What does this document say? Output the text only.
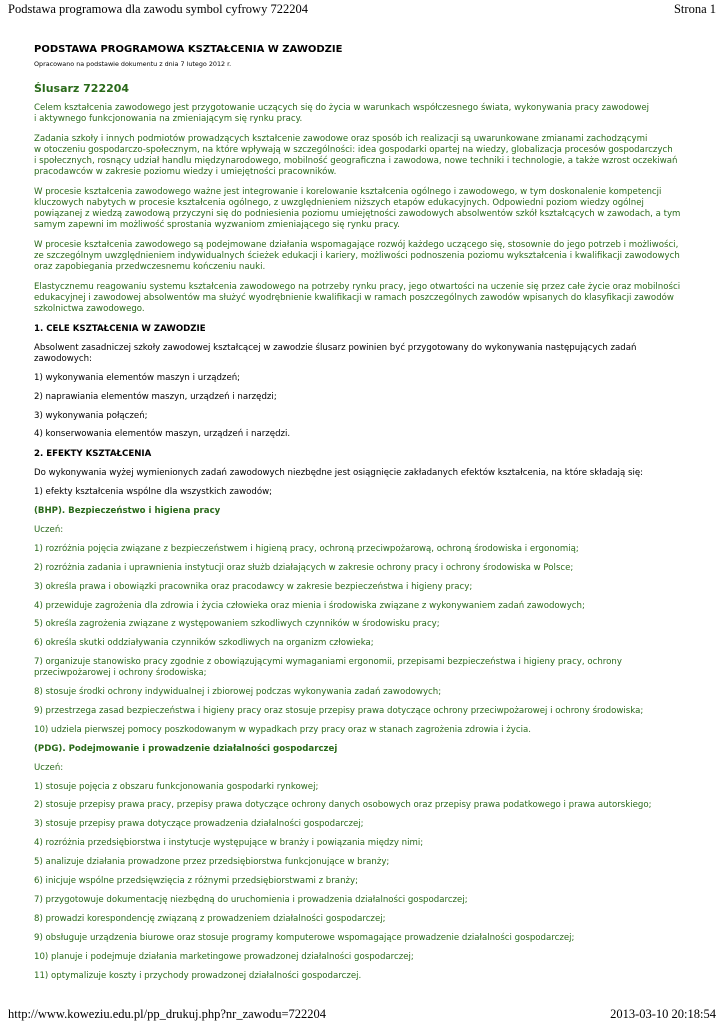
Podstawa programowa dla zawodu symbol cyfrowy 722204	Strona 1

PODSTAWA PROGRAMOWA KSZTAŁCENIA W ZAWODZIE

Opracowano na podstawie dokumentu z dnia 7 lutego 2012 r.

Ślusarz 722204

Celem kształcenia zawodowego jest przygotowanie uczących się do życia w warunkach współczesnego świata, wykonywania pracy zawodowej
i aktywnego funkcjonowania na zmieniającym się rynku pracy.

Zadania szkoły i innych podmiotów prowadzących kształcenie zawodowe oraz sposób ich realizacji są uwarunkowane zmianami zachodzącymi
w otoczeniu gospodarczo-społecznym, na które wpływają w szczególności: idea gospodarki opartej na wiedzy, globalizacja procesów gospodarczych
i społecznych, rosnący udział handlu międzynarodowego, mobilność geograficzna i zawodowa, nowe techniki i technologie, a także wzrost oczekiwań
pracodawców w zakresie poziomu wiedzy i umiejętności pracowników.

W procesie kształcenia zawodowego ważne jest integrowanie i korelowanie kształcenia ogólnego i zawodowego, w tym doskonalenie kompetencji
kluczowych nabytych w procesie kształcenia ogólnego, z uwzględnieniem niższych etapów edukacyjnych. Odpowiedni poziom wiedzy ogólnej
powiązanej z wiedzą zawodową przyczyni się do podniesienia poziomu umiejętności zawodowych absolwentów szkół kształcących w zawodach, a tym
samym zapewni im możliwość sprostania wyzwaniom zmieniającego się rynku pracy.

W procesie kształcenia zawodowego są podejmowane działania wspomagające rozwój każdego uczącego się, stosownie do jego potrzeb i możliwości,
ze szczególnym uwzględnieniem indywidualnych ścieżek edukacji i kariery, możliwości podnoszenia poziomu wykształcenia i kwalifikacji zawodowych
oraz zapobiegania przedwczesnemu kończeniu nauki.

Elastycznemu reagowaniu systemu kształcenia zawodowego na potrzeby rynku pracy, jego otwartości na uczenie się przez całe życie oraz mobilności
edukacyjnej i zawodowej absolwentów ma służyć wyodrębnienie kwalifikacji w ramach poszczególnych zawodów wpisanych do klasyfikacji zawodów
szkolnictwa zawodowego.

1. CELE KSZTAŁCENIA W ZAWODZIE

Absolwent zasadniczej szkoły zawodowej kształcącej w zawodzie ślusarz powinien być przygotowany do wykonywania następujących zadań
zawodowych:

1) wykonywania elementów maszyn i urządzeń;

2) naprawiania elementów maszyn, urządzeń i narzędzi;

3) wykonywania połączeń;

4) konserwowania elementów maszyn, urządzeń i narzędzi.

2. EFEKTY KSZTAŁCENIA

Do wykonywania wyżej wymienionych zadań zawodowych niezbędne jest osiągnięcie zakładanych efektów kształcenia, na które składają się:

1) efekty kształcenia wspólne dla wszystkich zawodów;

(BHP). Bezpieczeństwo i higiena pracy

Uczeń:

1) rozróżnia pojęcia związane z bezpieczeństwem i higieną pracy, ochroną przeciwpożarową, ochroną środowiska i ergonomią;

2) rozróżnia zadania i uprawnienia instytucji oraz służb działających w zakresie ochrony pracy i ochrony środowiska w Polsce;

3) określa prawa i obowiązki pracownika oraz pracodawcy w zakresie bezpieczeństwa i higieny pracy;

4) przewiduje zagrożenia dla zdrowia i życia człowieka oraz mienia i środowiska związane z wykonywaniem zadań zawodowych;

5) określa zagrożenia związane z występowaniem szkodliwych czynników w środowisku pracy;

6) określa skutki oddziaływania czynników szkodliwych na organizm człowieka;

7) organizuje stanowisko pracy zgodnie z obowiązującymi wymaganiami ergonomii, przepisami bezpieczeństwa i higieny pracy, ochrony
przeciwpożarowej i ochrony środowiska;

8) stosuje środki ochrony indywidualnej i zbiorowej podczas wykonywania zadań zawodowych;

9) przestrzega zasad bezpieczeństwa i higieny pracy oraz stosuje przepisy prawa dotyczące ochrony przeciwpożarowej i ochrony środowiska;

10) udziela pierwszej pomocy poszkodowanym w wypadkach przy pracy oraz w stanach zagrożenia zdrowia i życia.

(PDG). Podejmowanie i prowadzenie działalności gospodarczej

Uczeń:

1) stosuje pojęcia z obszaru funkcjonowania gospodarki rynkowej;

2) stosuje przepisy prawa pracy, przepisy prawa dotyczące ochrony danych osobowych oraz przepisy prawa podatkowego i prawa autorskiego;

3) stosuje przepisy prawa dotyczące prowadzenia działalności gospodarczej;

4) rozróżnia przedsiębiorstwa i instytucje występujące w branży i powiązania między nimi;

5) analizuje działania prowadzone przez przedsiębiorstwa funkcjonujące w branży;

6) inicjuje wspólne przedsięwzięcia z różnymi przedsiębiorstwami z branży;

7) przygotowuje dokumentację niezbędną do uruchomienia i prowadzenia działalności gospodarczej;

8) prowadzi korespondencję związaną z prowadzeniem działalności gospodarczej;

9) obsługuje urządzenia biurowe oraz stosuje programy komputerowe wspomagające prowadzenie działalności gospodarczej;

10) planuje i podejmuje działania marketingowe prowadzonej działalności gospodarczej;

11) optymalizuje koszty i przychody prowadzonej działalności gospodarczej.

http://www.koweziu.edu.pl/pp_drukuj.php?nr_zawodu=722204	2013-03-10 20:18:54
